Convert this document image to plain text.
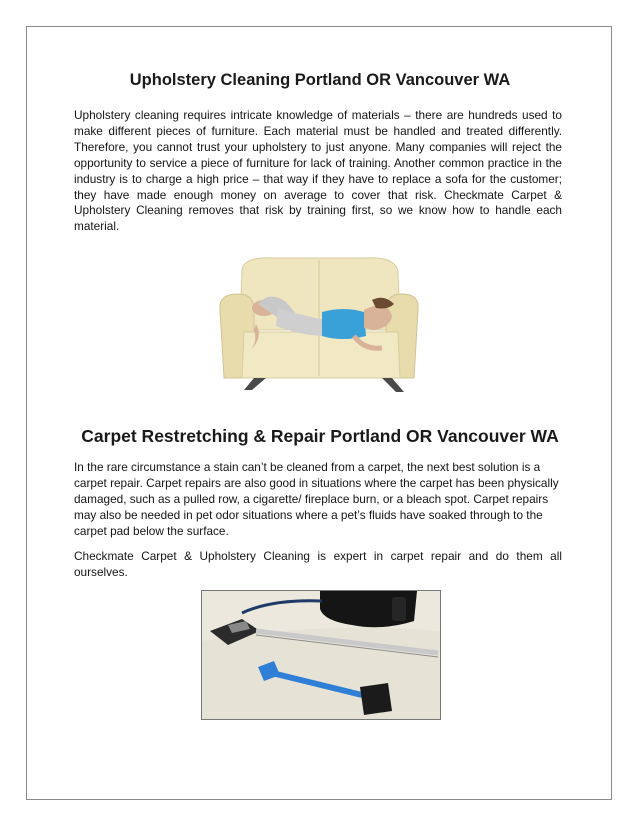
Upholstery Cleaning Portland OR Vancouver WA
Upholstery cleaning requires intricate knowledge of materials – there are hundreds used to make different pieces of furniture. Each material must be handled and treated differently. Therefore, you cannot trust your upholstery to just anyone. Many companies will reject the opportunity to service a piece of furniture for lack of training. Another common practice in the industry is to charge a high price – that way if they have to replace a sofa for the customer; they have made enough money on average to cover that risk. Checkmate Carpet & Upholstery Cleaning removes that risk by training first, so we know how to handle each material.
Carpet Restretching & Repair Portland OR Vancouver WA
In the rare circumstance a stain can’t be cleaned from a carpet, the next best solution is a carpet repair. Carpet repairs are also good in situations where the carpet has been physically damaged, such as a pulled row, a cigarette/ fireplace burn, or a bleach spot. Carpet repairs may also be needed in pet odor situations where a pet’s fluids have soaked through to the carpet pad below the surface.
Checkmate Carpet & Upholstery Cleaning is expert in carpet repair and do them all ourselves.
